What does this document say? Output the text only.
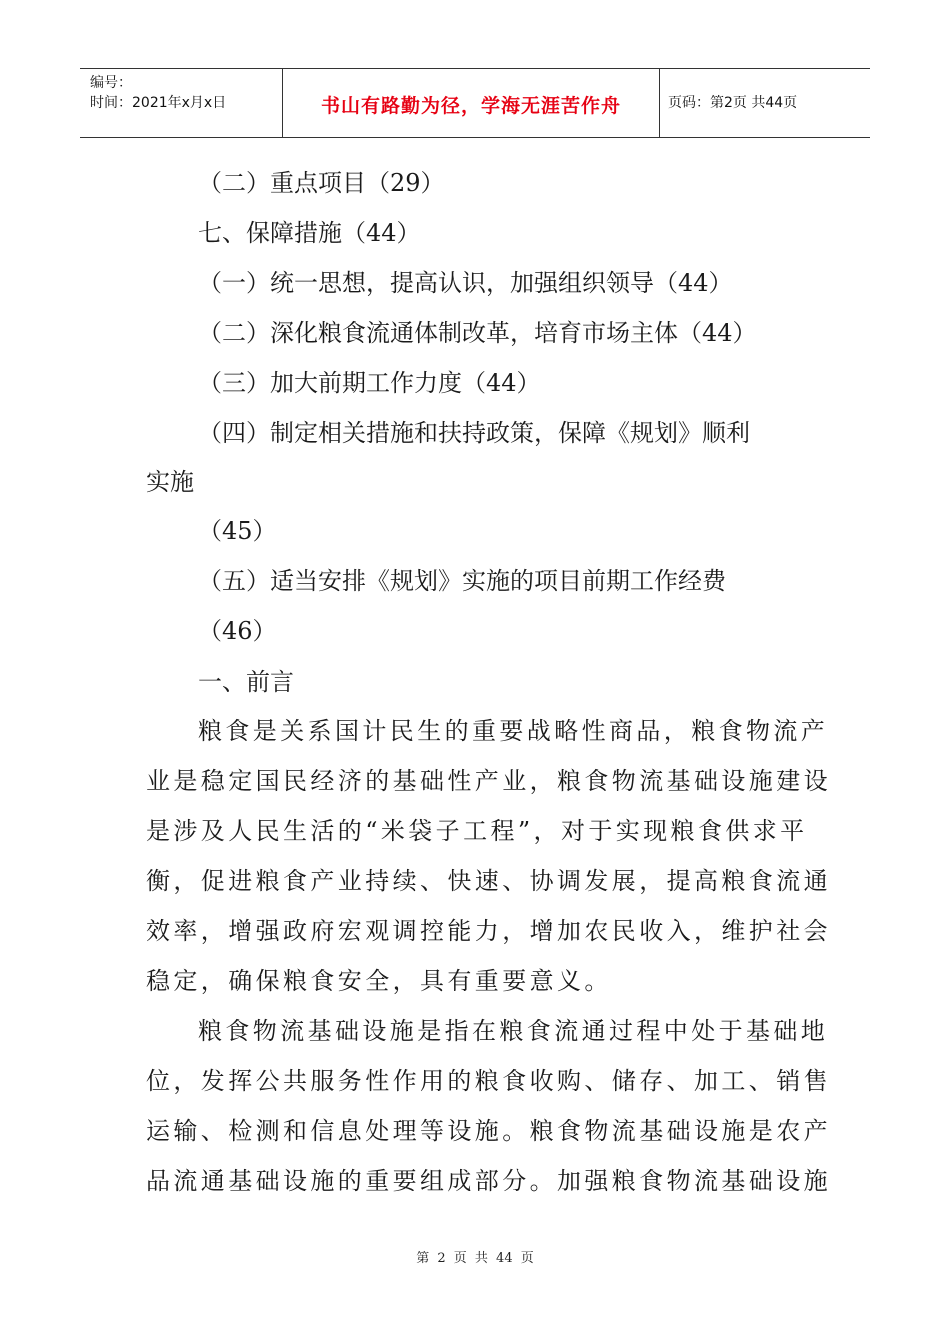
编号：
时间：2021年x月x日	书山有路勤为径，学海无涯苦作舟	页码：第2页 共44页
（二）重点项目（29）
七、保障措施（44）
（一）统一思想，提高认识，加强组织领导（44）
（二）深化粮食流通体制改革，培育市场主体（44）
（三）加大前期工作力度（44）
（四）制定相关措施和扶持政策，保障《规划》顺利
实施
（45）
（五）适当安排《规划》实施的项目前期工作经费
（46）
一、前言
粮食是关系国计民生的重要战略性商品，粮食物流产
业是稳定国民经济的基础性产业，粮食物流基础设施建设
是涉及人民生活的“米袋子工程”，对于实现粮食供求平
衡，促进粮食产业持续、快速、协调发展，提高粮食流通
效率，增强政府宏观调控能力，增加农民收入，维护社会
稳定，确保粮食安全，具有重要意义。
粮食物流基础设施是指在粮食流通过程中处于基础地
位，发挥公共服务性作用的粮食收购、储存、加工、销售
运输、检测和信息处理等设施。粮食物流基础设施是农产
品流通基础设施的重要组成部分。加强粮食物流基础设施
第 2 页 共 44 页
